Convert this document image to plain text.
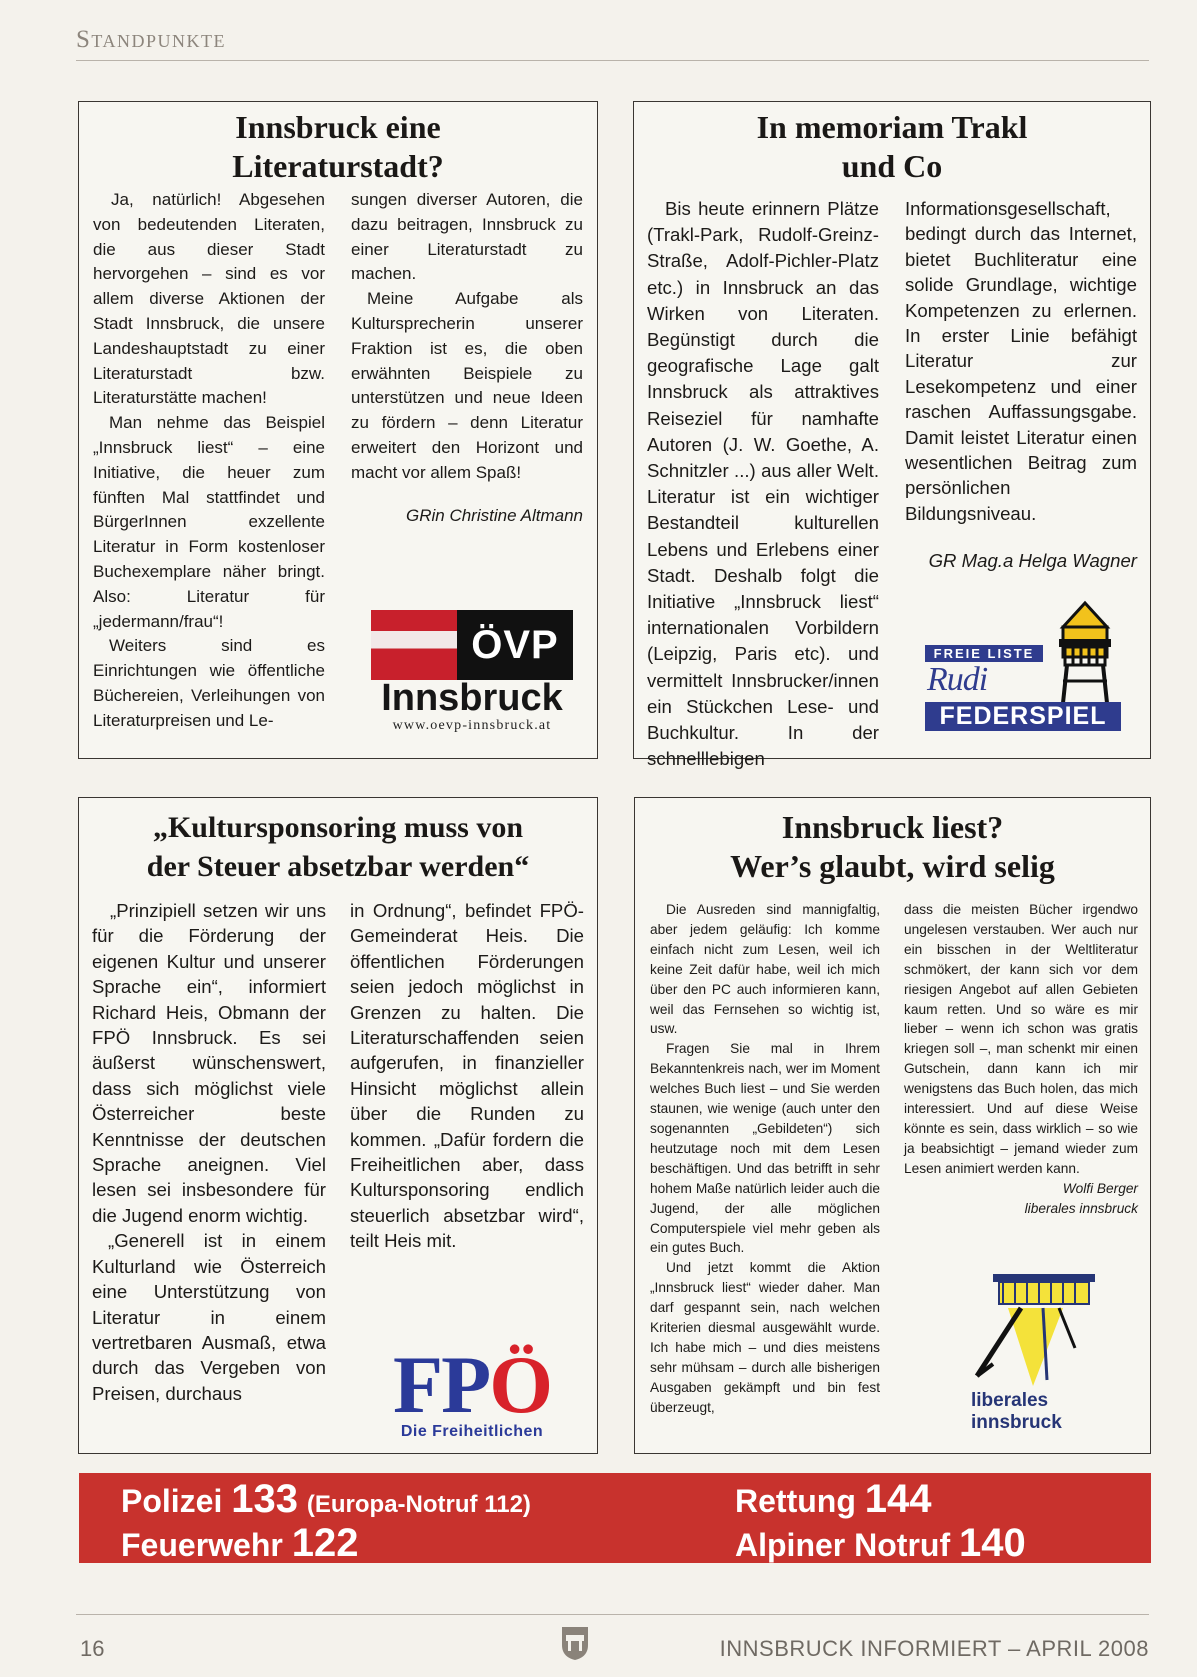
Standpunkte
Innsbruck eine
Literaturstadt?

Ja, natürlich! Abgesehen von bedeutenden Literaten, die aus dieser Stadt hervorgehen – sind es vor allem diverse Aktionen der Stadt Innsbruck, die unsere Landeshauptstadt zu einer Literaturstadt bzw. Literaturstätte machen!

Man nehme das Beispiel „Innsbruck liest“ – eine Initiative, die heuer zum fünften Mal stattfindet und BürgerInnen exzellente Literatur in Form kostenloser Buchexemplare näher bringt. Also: Literatur für „jedermann/frau“!

Weiters sind es Einrichtungen wie öffentliche Büchereien, Verleihungen von Literaturpreisen und Le-

sungen diverser Autoren, die dazu beitragen, Innsbruck zu einer Literaturstadt zu machen.

Meine Aufgabe als Kultursprecherin unserer Fraktion ist es, die oben erwähnten Beispiele zu unterstützen und neue Ideen zu fördern – denn Literatur erweitert den Horizont und macht vor allem Spaß!

GRin Christine Altmann

ÖVP
Innsbruck
www.oevp-innsbruck.at
In memoriam Trakl
und Co

Bis heute erinnern Plätze (Trakl-Park, Rudolf-Greinz-Straße, Adolf-Pichler-Platz etc.) in Innsbruck an das Wirken von Literaten. Begünstigt durch die geografische Lage galt Innsbruck als attraktives Reiseziel für namhafte Autoren (J. W. Goethe, A. Schnitzler ...) aus aller Welt. Literatur ist ein wichtiger Bestandteil kulturellen Lebens und Erlebens einer Stadt. Deshalb folgt die Initiative „Innsbruck liest“ internationalen Vorbildern (Leipzig, Paris etc). und vermittelt Innsbrucker/innen ein Stückchen Lese- und Buchkultur. In der schnelllebigen

Informationsgesellschaft, bedingt durch das Internet, bietet Buchliteratur eine solide Grundlage, wichtige Kompetenzen zu erlernen. In erster Linie befähigt Literatur zur Lesekompetenz und einer raschen Auffassungsgabe. Damit leistet Literatur einen wesentlichen Beitrag zum persönlichen Bildungsniveau.

GR Mag.a Helga Wagner

FREIE LISTE
Rudi
FEDERSPIEL
„Kultursponsoring muss von
der Steuer absetzbar werden“

„Prinzipiell setzen wir uns für die Förderung der eigenen Kultur und unserer Sprache ein“, informiert Richard Heis, Obmann der FPÖ Innsbruck. Es sei äußerst wünschenswert, dass sich möglichst viele Österreicher beste Kenntnisse der deutschen Sprache aneignen. Viel lesen sei insbesondere für die Jugend enorm wichtig.

„Generell ist in einem Kulturland wie Österreich eine Unterstützung von Literatur in einem vertretbaren Ausmaß, etwa durch das Vergeben von Preisen, durchaus

in Ordnung“, befindet FPÖ-Gemeinderat Heis. Die öffentlichen Förderungen seien jedoch möglichst in Grenzen zu halten. Die Literaturschaffenden seien aufgerufen, in finanzieller Hinsicht möglichst allein über die Runden zu kommen. „Dafür fordern die Freiheitlichen aber, dass Kultursponsoring endlich steuerlich absetzbar wird“, teilt Heis mit.

FPÖ
Die Freiheitlichen
Innsbruck liest?
Wer’s glaubt, wird selig

Die Ausreden sind mannigfaltig, aber jedem geläufig: Ich komme einfach nicht zum Lesen, weil ich keine Zeit dafür habe, weil ich mich über den PC auch informieren kann, weil das Fernsehen so wichtig ist, usw.

Fragen Sie mal in Ihrem Bekanntenkreis nach, wer im Moment welches Buch liest – und Sie werden staunen, wie wenige (auch unter den sogenannten „Gebildeten“) sich heutzutage noch mit dem Lesen beschäftigen. Und das betrifft in sehr hohem Maße natürlich leider auch die Jugend, der alle möglichen Computerspiele viel mehr geben als ein gutes Buch.

Und jetzt kommt die Aktion „Innsbruck liest“ wieder daher. Man darf gespannt sein, nach welchen Kriterien diesmal ausgewählt wurde. Ich habe mich – und dies meistens sehr mühsam – durch alle bisherigen Ausgaben gekämpft und bin fest überzeugt,

dass die meisten Bücher irgendwo ungelesen verstauben. Wer auch nur ein bisschen in der Weltliteratur schmökert, der kann sich vor dem riesigen Angebot auf allen Gebieten kaum retten. Und so wäre es mir lieber – wenn ich schon was gratis kriegen soll –, man schenkt mir einen Gutschein, dann kann ich mir wenigstens das Buch holen, das mich interessiert. Und auf diese Weise könnte es sein, dass wirklich – so wie ja beabsichtigt – jemand wieder zum Lesen animiert werden kann.

Wolfi Berger

liberales innsbruck

liberales
innsbruck
Polizei 133 (Europa-Notruf 112)
Feuerwehr 122
Rettung 144
Alpiner Notruf 140
16	INNSBRUCK INFORMIERT – APRIL 2008
